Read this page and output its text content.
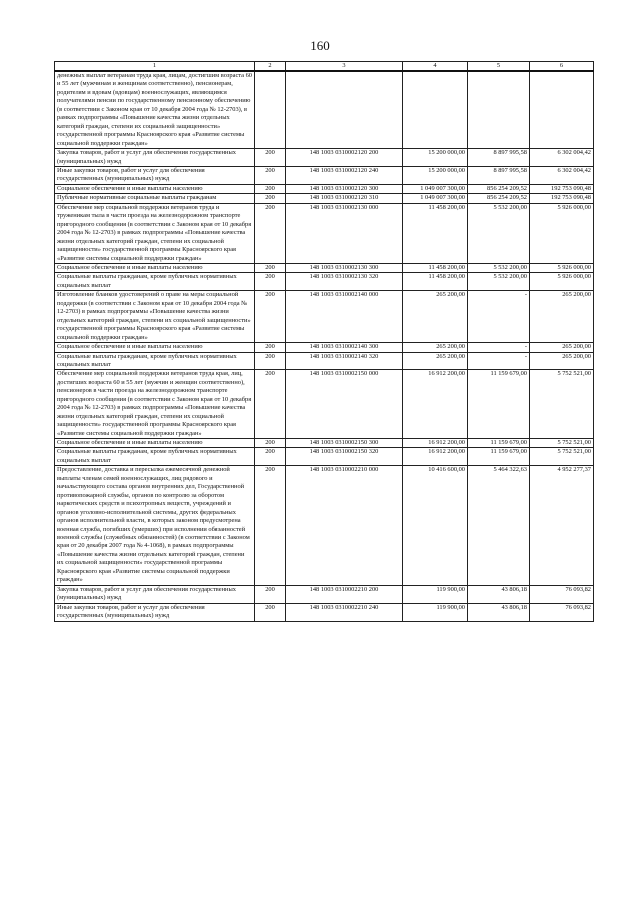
160
1	2	3	4	5	6
денежных выплат ветеранам труда края, лицам, достигшим возраста 60 и 55 лет (мужчинам и женщинам соответственно), пенсионерам, родителям и вдовам (вдовцам) военнослужащих, являющимся получателями пенсии по государственному пенсионному обеспечению (в соответствии с Законом края от 10 декабря 2004 года № 12-2703), в рамках подпрограммы «Повышение качества жизни отдельных категорий граждан, степени их социальной защищенности» государственной программы Красноярского края «Развитие системы социальной поддержки граждан»					
Закупка товаров, работ и услуг для обеспечения государственных (муниципальных) нужд	200	148 1003 0310002120 200	15 200 000,00	8 897 995,58	6 302 004,42
Иные закупки товаров, работ и услуг для обеспечения государственных (муниципальных) нужд	200	148 1003 0310002120 240	15 200 000,00	8 897 995,58	6 302 004,42
Социальное обеспечение и иные выплаты населению	200	148 1003 0310002120 300	1 049 007 300,00	856 254 209,52	192 753 090,48
Публичные нормативные социальные выплаты гражданам	200	148 1003 0310002120 310	1 049 007 300,00	856 254 209,52	192 753 090,48
Обеспечение мер социальной поддержки ветеранов труда и труженикам тыла в части проезда на железнодорожном транспорте пригородного сообщения (в соответствии с Законом края от 10 декабря 2004 года № 12-2703) в рамках подпрограммы «Повышение качества жизни отдельных категорий граждан, степени их социальной защищенности» государственной программы Красноярского края «Развитие системы социальной поддержки граждан»	200	148 1003 0310002130 000	11 458 200,00	5 532 200,00	5 926 000,00
Социальное обеспечение и иные выплаты населению	200	148 1003 0310002130 300	11 458 200,00	5 532 200,00	5 926 000,00
Социальные выплаты гражданам, кроме публичных нормативных социальных выплат	200	148 1003 0310002130 320	11 458 200,00	5 532 200,00	5 926 000,00
Изготовление бланков удостоверений о праве на меры социальной поддержки (в соответствии с Законом края от 10 декабря 2004 года № 12-2703) в рамках подпрограммы «Повышение качества жизни отдельных категорий граждан, степени их социальной защищенности» государственной программы Красноярского края «Развитие системы социальной поддержки граждан»	200	148 1003 0310002140 000	265 200,00	-	265 200,00
Социальное обеспечение и иные выплаты населению	200	148 1003 0310002140 300	265 200,00	-	265 200,00
Социальные выплаты гражданам, кроме публичных нормативных социальных выплат	200	148 1003 0310002140 320	265 200,00	-	265 200,00
Обеспечение мер социальной поддержки ветеранов труда края, лиц, достигших возраста 60 и 55 лет (мужчин и женщин соответственно), пенсионеров в части проезда на железнодорожном транспорте пригородного сообщения (в соответствии с Законом края от 10 декабря 2004 года № 12-2703) в рамках подпрограммы «Повышение качества жизни отдельных категорий граждан, степени их социальной защищенности» государственной программы Красноярского края «Развитие системы социальной поддержки граждан»	200	148 1003 0310002150 000	16 912 200,00	11 159 679,00	5 752 521,00
Социальное обеспечение и иные выплаты населению	200	148 1003 0310002150 300	16 912 200,00	11 159 679,00	5 752 521,00
Социальные выплаты гражданам, кроме публичных нормативных социальных выплат	200	148 1003 0310002150 320	16 912 200,00	11 159 679,00	5 752 521,00
Предоставление, доставка и пересылка ежемесячной денежной выплаты членам семей военнослужащих, лиц рядового и начальствующего состава органов внутренних дел, Государственной противопожарной службы, органов по контролю за оборотом наркотических средств и психотропных веществ, учреждений и органов уголовно-исполнительной системы, других федеральных органов исполнительной власти, в которых законом предусмотрена военная служба, погибших (умерших) при исполнении обязанностей военной службы (служебных обязанностей) (в соответствии с Законом края от 20 декабря 2007 года № 4-1068), в рамках подпрограммы «Повышение качества жизни отдельных категорий граждан, степени их социальной защищенности» государственной программы Красноярского края «Развитие системы социальной поддержки граждан»	200	148 1003 0310002210 000	10 416 600,00	5 464 322,63	4 952 277,37
Закупка товаров, работ и услуг для обеспечения государственных (муниципальных) нужд	200	148 1003 0310002210 200	119 900,00	43 806,18	76 093,82
Иные закупки товаров, работ и услуг для обеспечения государственных (муниципальных) нужд	200	148 1003 0310002210 240	119 900,00	43 806,18	76 093,82
